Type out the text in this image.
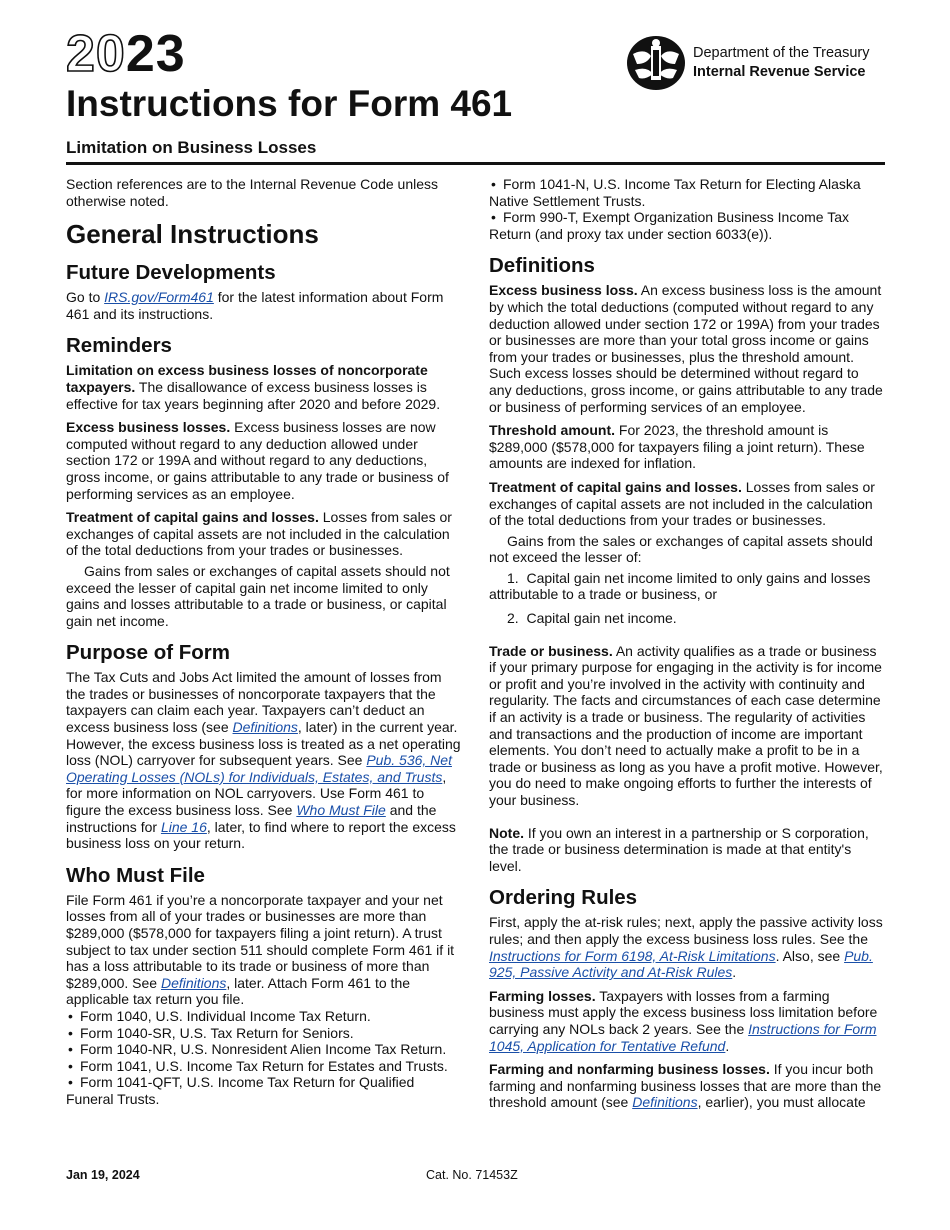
2023
Instructions for Form 461
Limitation on Business Losses
Department of the Treasury
Internal Revenue Service

Section references are to the Internal Revenue Code unless otherwise noted.

General Instructions
Future Developments

Go to IRS.gov/Form461 for the latest information about Form 461 and its instructions.

Reminders

Limitation on excess business losses of noncorporate taxpayers. The disallowance of excess business losses is effective for tax years beginning after 2020 and before 2029.

Excess business losses. Excess business losses are now computed without regard to any deduction allowed under section 172 or 199A and without regard to any deductions, gross income, or gains attributable to any trade or business of performing services as an employee.

Treatment of capital gains and losses. Losses from sales or exchanges of capital assets are not included in the calculation of the total deductions from your trades or businesses.

Gains from sales or exchanges of capital assets should not exceed the lesser of capital gain net income limited to only gains and losses attributable to a trade or business, or capital gain net income.

Purpose of Form

The Tax Cuts and Jobs Act limited the amount of losses from the trades or businesses of noncorporate taxpayers that the taxpayers can claim each year. Taxpayers can’t deduct an excess business loss (see Definitions, later) in the current year. However, the excess business loss is treated as a net operating loss (NOL) carryover for subsequent years. See Pub. 536, Net Operating Losses (NOLs) for Individuals, Estates, and Trusts, for more information on NOL carryovers. Use Form 461 to figure the excess business loss. See Who Must File and the instructions for Line 16, later, to find where to report the excess business loss on your return.

Who Must File

File Form 461 if you’re a noncorporate taxpayer and your net losses from all of your trades or businesses are more than $289,000 ($578,000 for taxpayers filing a joint return). A trust subject to tax under section 511 should complete Form 461 if it has a loss attributable to its trade or business of more than $289,000. See Definitions, later. Attach Form 461 to the applicable tax return you file.

• Form 1040, U.S. Individual Income Tax Return.
• Form 1040-SR, U.S. Tax Return for Seniors.
• Form 1040-NR, U.S. Nonresident Alien Income Tax Return.
• Form 1041, U.S. Income Tax Return for Estates and Trusts.
• Form 1041-QFT, U.S. Income Tax Return for Qualified Funeral Trusts.
• Form 1041-N, U.S. Income Tax Return for Electing Alaska Native Settlement Trusts.
• Form 990-T, Exempt Organization Business Income Tax Return (and proxy tax under section 6033(e)).
Definitions

Excess business loss. An excess business loss is the amount by which the total deductions (computed without regard to any deduction allowed under section 172 or 199A) from your trades or businesses are more than your total gross income or gains from your trades or businesses, plus the threshold amount. Such excess losses should be determined without regard to any deductions, gross income, or gains attributable to any trade or business of performing services of an employee.

Threshold amount. For 2023, the threshold amount is $289,000 ($578,000 for taxpayers filing a joint return). These amounts are indexed for inflation.

Treatment of capital gains and losses. Losses from sales or exchanges of capital assets are not included in the calculation of the total deductions from your trades or businesses.

Gains from the sales or exchanges of capital assets should not exceed the lesser of:

1.  Capital gain net income limited to only gains and losses attributable to a trade or business, or

2.  Capital gain net income.

Trade or business. An activity qualifies as a trade or business if your primary purpose for engaging in the activity is for income or profit and you’re involved in the activity with continuity and regularity. The facts and circumstances of each case determine if an activity is a trade or business. The regularity of activities and transactions and the production of income are important elements. You don’t need to actually make a profit to be in a trade or business as long as you have a profit motive. However, you do need to make ongoing efforts to further the interests of your business.

Note. If you own an interest in a partnership or S corporation, the trade or business determination is made at that entity's level.

Ordering Rules

First, apply the at-risk rules; next, apply the passive activity loss rules; and then apply the excess business loss rules. See the Instructions for Form 6198, At-Risk Limitations. Also, see Pub. 925, Passive Activity and At-Risk Rules.

Farming losses. Taxpayers with losses from a farming business must apply the excess business loss limitation before carrying any NOLs back 2 years. See the Instructions for Form 1045, Application for Tentative Refund.

Farming and nonfarming business losses. If you incur both farming and nonfarming business losses that are more than the threshold amount (see Definitions, earlier), you must allocate

Jan 19, 2024	Cat. No. 71453Z
